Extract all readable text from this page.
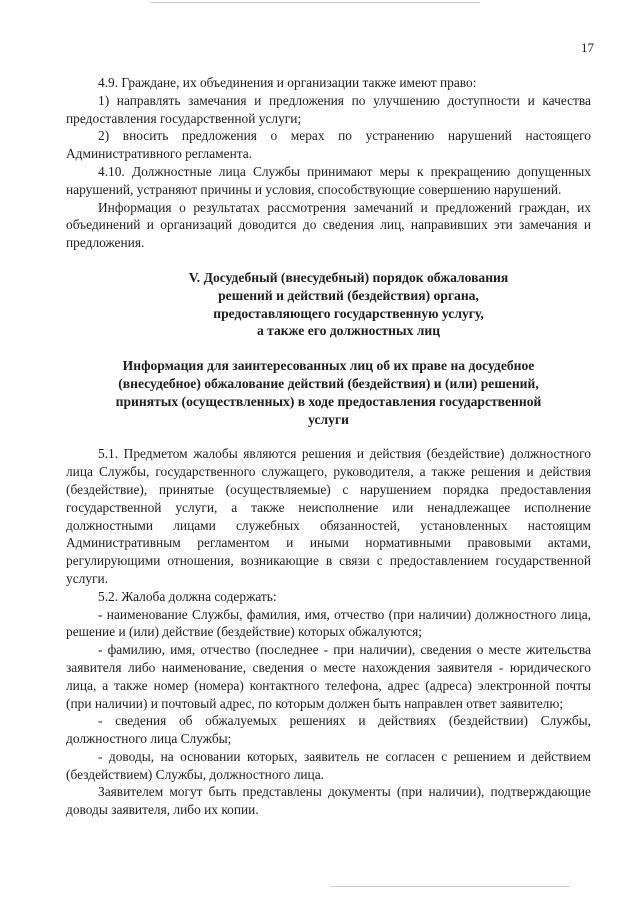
17

4.9. Граждане, их объединения и организации также имеют право:

1) направлять замечания и предложения по улучшению доступности и качества предоставления государственной услуги;

2) вносить предложения о мерах по устранению нарушений настоящего Административного регламента.

4.10. Должностные лица Службы принимают меры к прекращению допущенных нарушений, устраняют причины и условия, способствующие совершению нарушений.

Информация о результатах рассмотрения замечаний и предложений граждан, их объединений и организаций доводится до сведения лиц, направивших эти замечания и предложения.

V. Досудебный (внесудебный) порядок обжалования
решений и действий (бездействия) органа,
предоставляющего государственную услугу,
а также его должностных лиц
Информация для заинтересованных лиц об их праве на досудебное
(внесудебное) обжалование действий (бездействия) и (или) решений,
принятых (осуществленных) в ходе предоставления государственной
услуги

5.1. Предметом жалобы являются решения и действия (бездействие) должностного лица Службы, государственного служащего, руководителя, а также решения и действия (бездействие), принятые (осуществляемые) с нарушением порядка предоставления государственной услуги, а также неисполнение или ненадлежащее исполнение должностными лицами служебных обязанностей, установленных настоящим Административным регламентом и иными нормативными правовыми актами, регулирующими отношения, возникающие в связи с предоставлением государственной услуги.

5.2. Жалоба должна содержать:

- наименование Службы, фамилия, имя, отчество (при наличии) должностного лица, решение и (или) действие (бездействие) которых обжалуются;

- фамилию, имя, отчество (последнее - при наличии), сведения о месте жительства заявителя либо наименование, сведения о месте нахождения заявителя - юридического лица, а также номер (номера) контактного телефона, адрес (адреса) электронной почты (при наличии) и почтовый адрес, по которым должен быть направлен ответ заявителю;

- сведения об обжалуемых решениях и действиях (бездействии) Службы, должностного лица Службы;

- доводы, на основании которых, заявитель не согласен с решением и действием (бездействием) Службы, должностного лица.

Заявителем могут быть представлены документы (при наличии), подтверждающие доводы заявителя, либо их копии.
